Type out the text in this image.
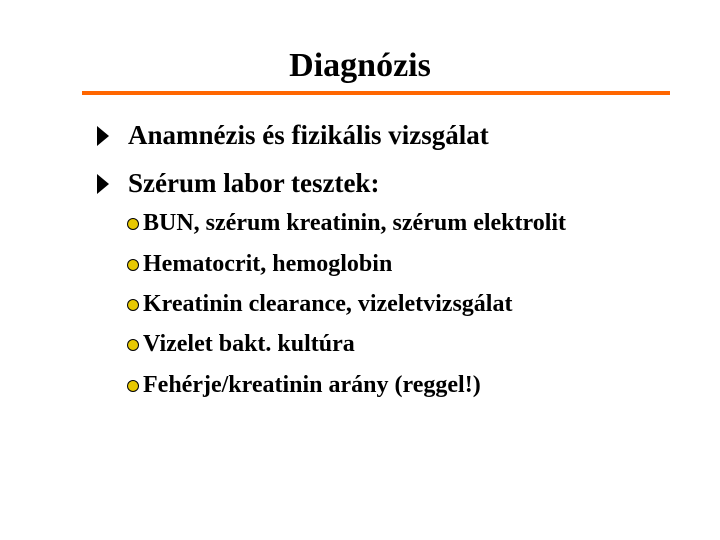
Diagnózis
Anamnézis és fizikális vizsgálat
Szérum labor tesztek:
BUN, szérum kreatinin, szérum elektrolit
Hematocrit, hemoglobin
Kreatinin clearance, vizeletvizsgálat
Vizelet bakt. kultúra
Fehérje/kreatinin arány (reggel!)
